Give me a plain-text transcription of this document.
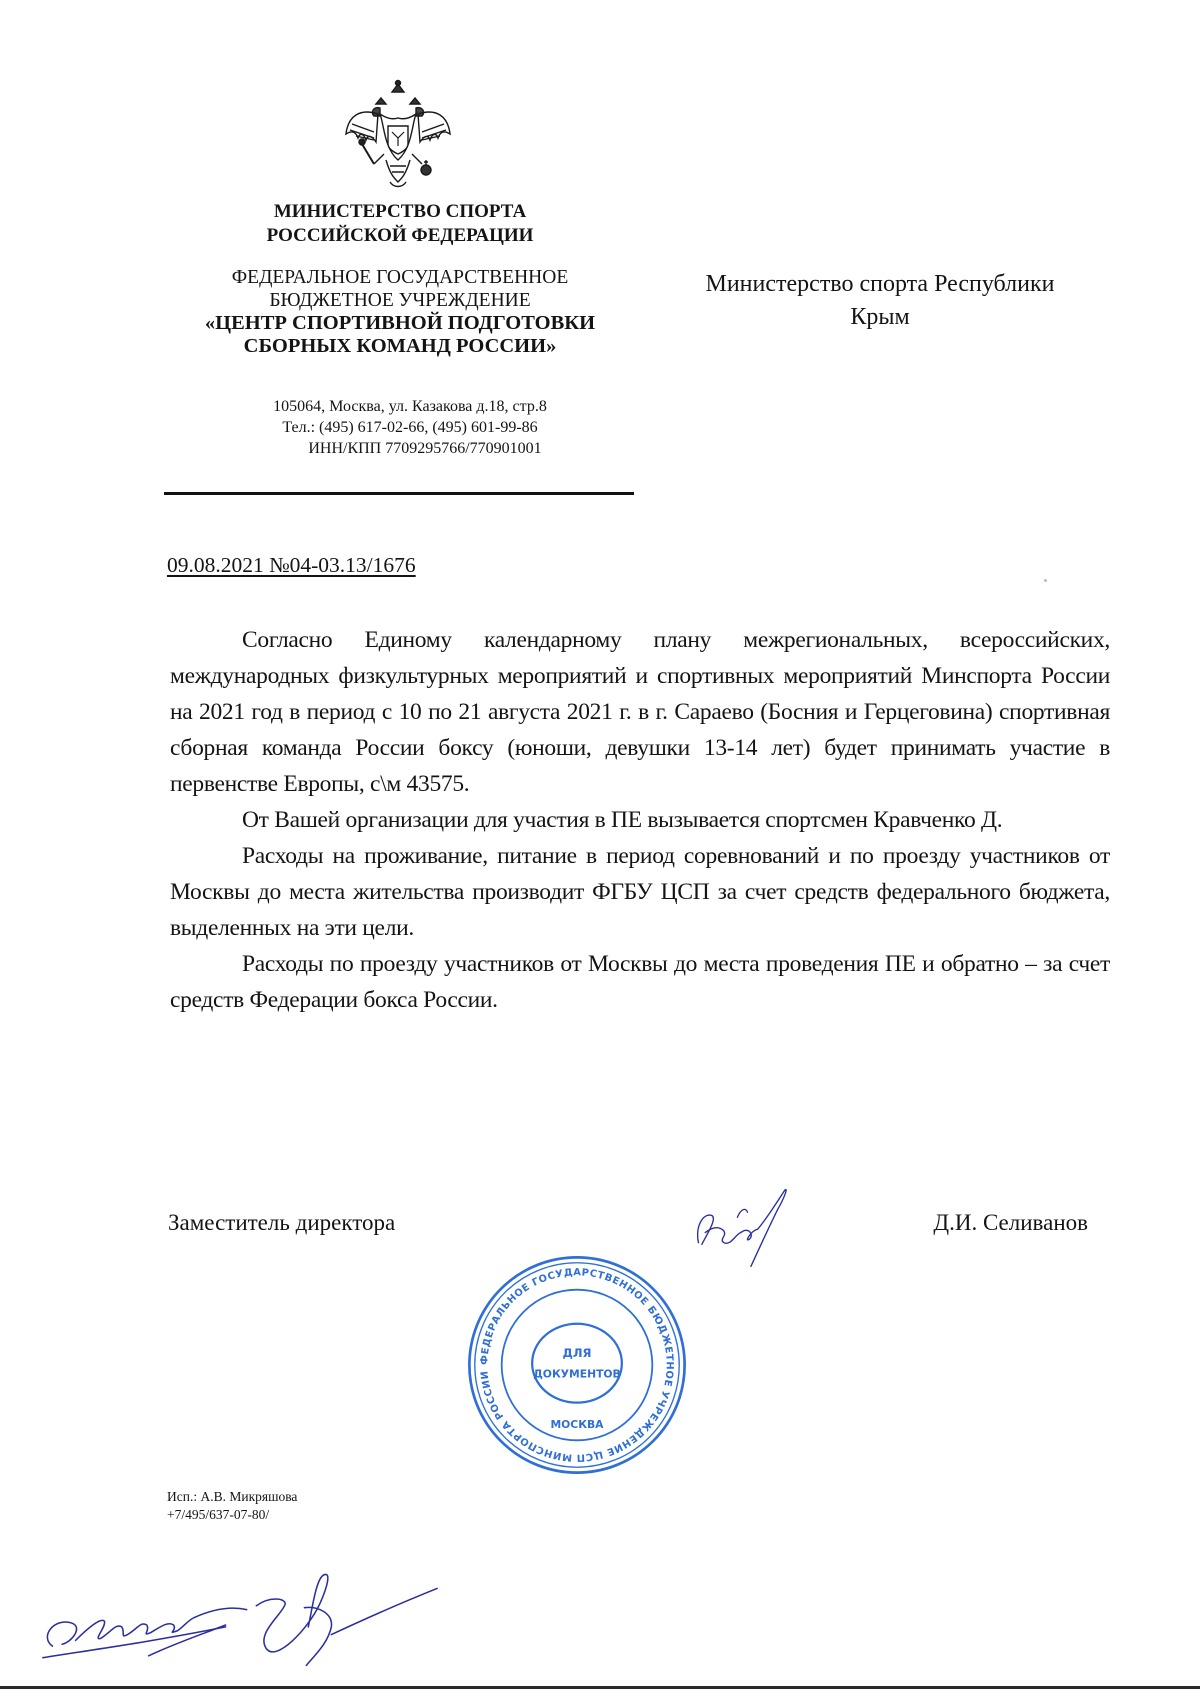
МИНИСТЕРСТВО СПОРТА
РОССИЙСКОЙ ФЕДЕРАЦИИ
ФЕДЕРАЛЬНОЕ ГОСУДАРСТВЕННОЕ
БЮДЖЕТНОЕ УЧРЕЖДЕНИЕ
«ЦЕНТР СПОРТИВНОЙ ПОДГОТОВКИ
СБОРНЫХ КОМАНД РОССИИ»
105064, Москва, ул. Казакова д.18, стр.8
Тел.: (495) 617-02-66, (495) 601-99-86
ИНН/КПП 7709295766/770901001
Министерство спорта Республики
Крым
09.08.2021 №04-03.13/1676

Согласно Единому календарному плану межрегиональных, всероссийских, международных физкультурных мероприятий и спортивных мероприятий Минспорта России на 2021 год в период с 10 по 21 августа 2021 г. в г. Сараево (Босния и Герцеговина) спортивная сборная команда России боксу (юноши, девушки 13-14 лет) будет принимать участие в первенстве Европы, с\м 43575.

От Вашей организации для участия в ПЕ вызывается спортсмен Кравченко Д.

Расходы на проживание, питание в период соревнований и по проезду участников от Москвы до места жительства производит ФГБУ ЦСП за счет средств федерального бюджета, выделенных на эти цели.

Расходы по проезду участников от Москвы до места проведения ПЕ и обратно – за счет средств Федерации бокса России.

Заместитель директора	Д.И. Селиванов
ФЕДЕРАЛЬНОЕ ГОСУДАРСТВЕННОЕ БЮДЖЕТНОЕ УЧРЕЖДЕНИЕ ЦСП МИНСПОРТА РОССИИ
ДЛЯ
ДОКУМЕНТОВ
МОСКВА
Исп.: А.В. Микряшова
+7/495/637-07-80/
